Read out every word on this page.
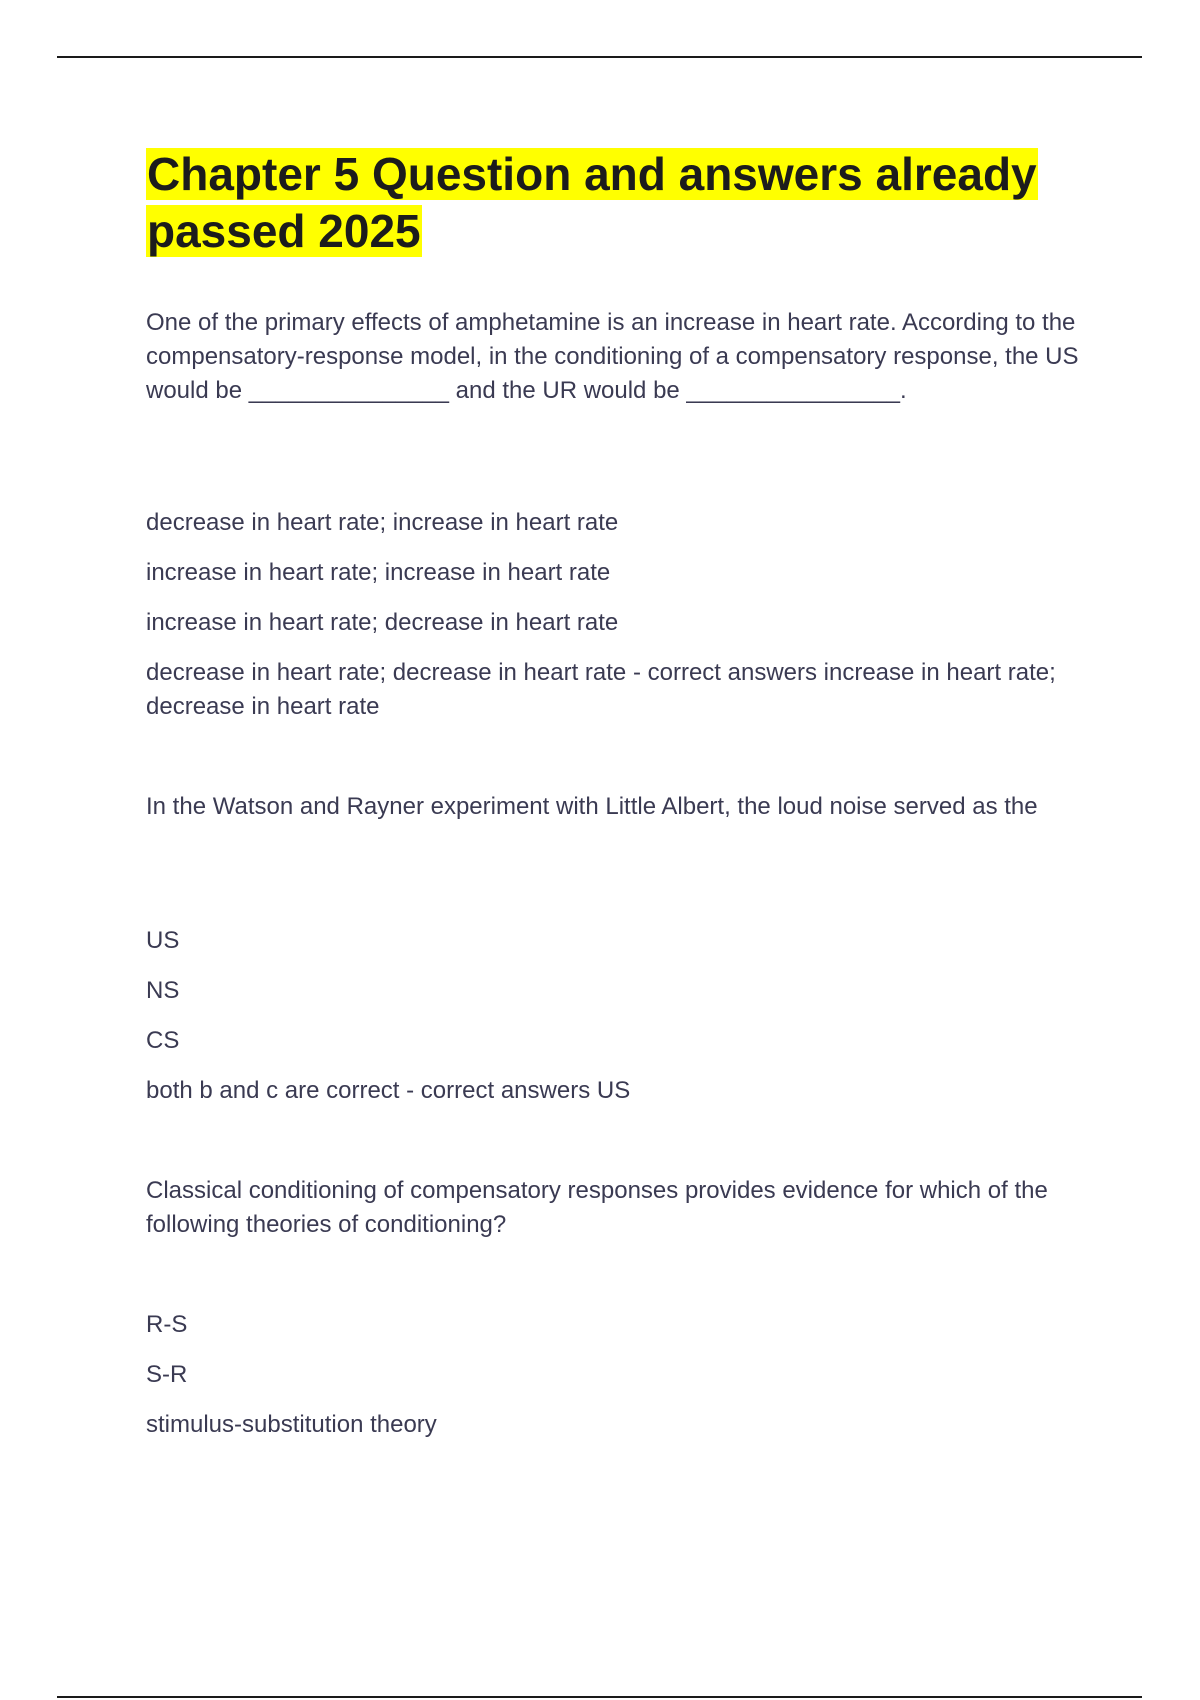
Chapter 5 Question and answers already passed 2025

One of the primary effects of amphetamine is an increase in heart rate. According to the compensatory-response model, in the conditioning of a compensatory response, the US would be _______________ and the UR would be ________________.

decrease in heart rate; increase in heart rate

increase in heart rate; increase in heart rate

increase in heart rate; decrease in heart rate

decrease in heart rate; decrease in heart rate - correct answers increase in heart rate; decrease in heart rate

In the Watson and Rayner experiment with Little Albert, the loud noise served as the

US

NS

CS

both b and c are correct - correct answers US

Classical conditioning of compensatory responses provides evidence for which of the following theories of conditioning?

R-S

S-R

stimulus-substitution theory
